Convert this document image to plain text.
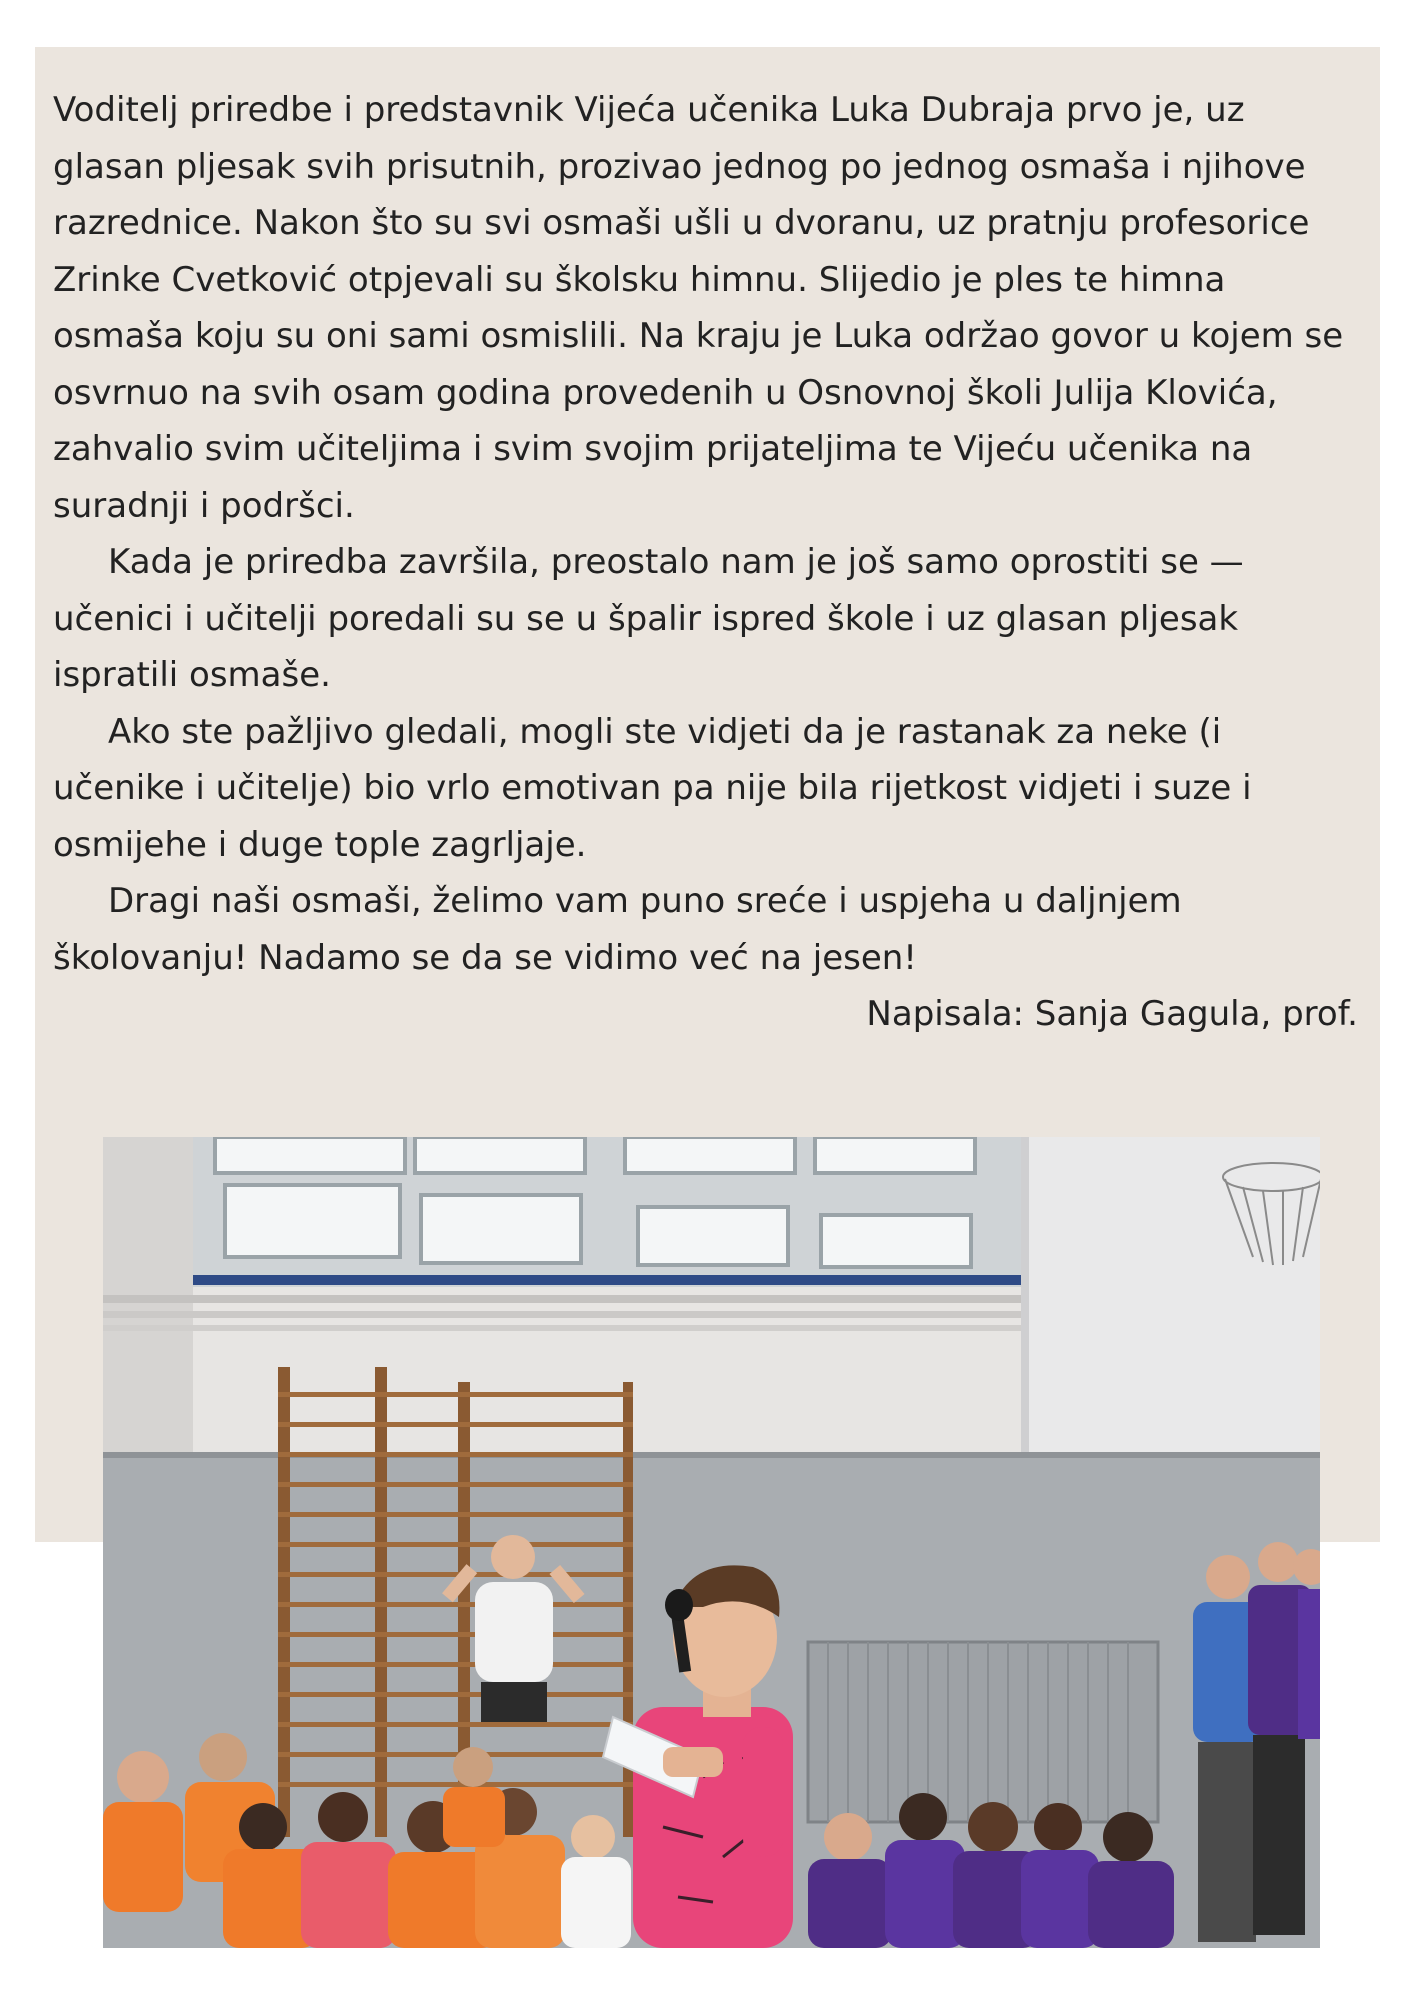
Voditelj priredbe i predstavnik Vijeća učenika Luka Dubraja prvo je, uz glasan pljesak svih prisutnih, prozivao jednog po jednog osmaša i njihove razrednice. Nakon što su svi osmaši ušli u dvoranu, uz pratnju profesorice Zrinke Cvetković otpjevali su školsku himnu. Slijedio je ples te himna osmaša koju su oni sami osmislili. Na kraju je Luka održao govor u kojem se osvrnuo na svih osam godina provedenih u Osnovnoj školi Julija Klovića, zahvalio svim učiteljima i svim svojim prijateljima te Vijeću učenika na suradnji i podršci.

Kada je priredba završila, preostalo nam je još samo oprostiti se — učenici i učitelji poredali su se u špalir ispred škole i uz glasan pljesak ispratili osmaše.

Ako ste pažljivo gledali, mogli ste vidjeti da je rastanak za neke (i učenike i učitelje) bio vrlo emotivan pa nije bila rijetkost vidjeti i suze i osmijehe i duge tople zagrljaje.

Dragi naši osmaši, želimo vam puno sreće i uspjeha u daljnjem školovanju! Nadamo se da se vidimo već na jesen!

Napisala: Sanja Gagula, prof.
